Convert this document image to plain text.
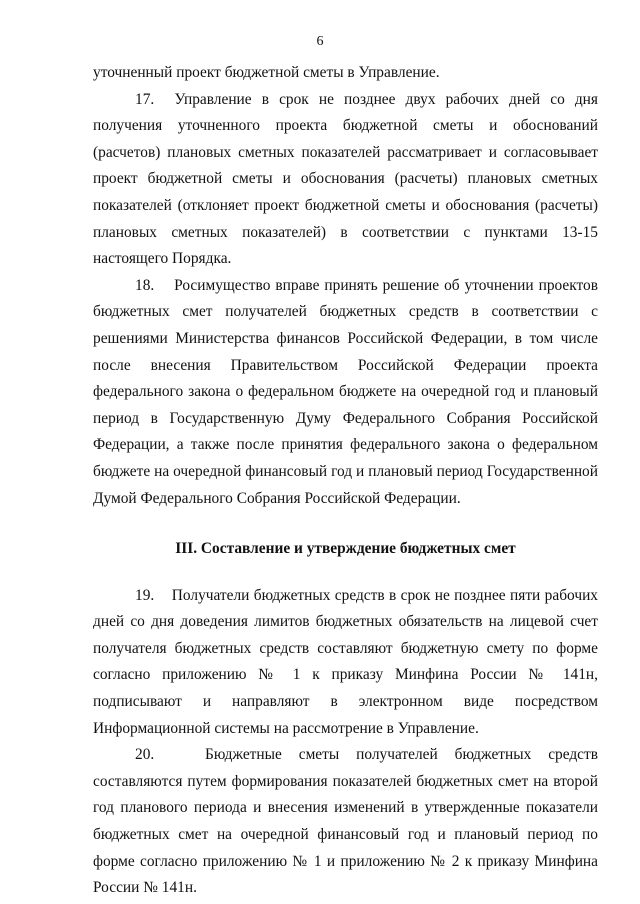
6

уточненный проект бюджетной сметы в Управление.

17. Управление в срок не позднее двух рабочих дней со дня получения уточненного проекта бюджетной сметы и обоснований (расчетов) плановых сметных показателей рассматривает и согласовывает проект бюджетной сметы и обоснования (расчеты) плановых сметных показателей (отклоняет проект бюджетной сметы и обоснования (расчеты) плановых сметных показателей) в соответствии с пунктами 13-15 настоящего Порядка.

18. Росимущество вправе принять решение об уточнении проектов бюджетных смет получателей бюджетных средств в соответствии с решениями Министерства финансов Российской Федерации, в том числе после внесения Правительством Российской Федерации проекта федерального закона о федеральном бюджете на очередной год и плановый период в Государственную Думу Федерального Собрания Российской Федерации, а также после принятия федерального закона о федеральном бюджете на очередной финансовый год и плановый период Государственной Думой Федерального Собрания Российской Федерации.

III. Составление и утверждение бюджетных смет

19. Получатели бюджетных средств в срок не позднее пяти рабочих дней со дня доведения лимитов бюджетных обязательств на лицевой счет получателя бюджетных средств составляют бюджетную смету по форме согласно приложению № 1 к приказу Минфина России № 141н, подписывают и направляют в электронном виде посредством Информационной системы на рассмотрение в Управление.

20.	Бюджетные сметы получателей бюджетных средств составляются путем формирования показателей бюджетных смет на второй год планового периода и внесения изменений в утвержденные показатели бюджетных смет на очередной финансовый год и плановый период по форме согласно приложению № 1 и приложению № 2 к приказу Минфина России № 141н.
